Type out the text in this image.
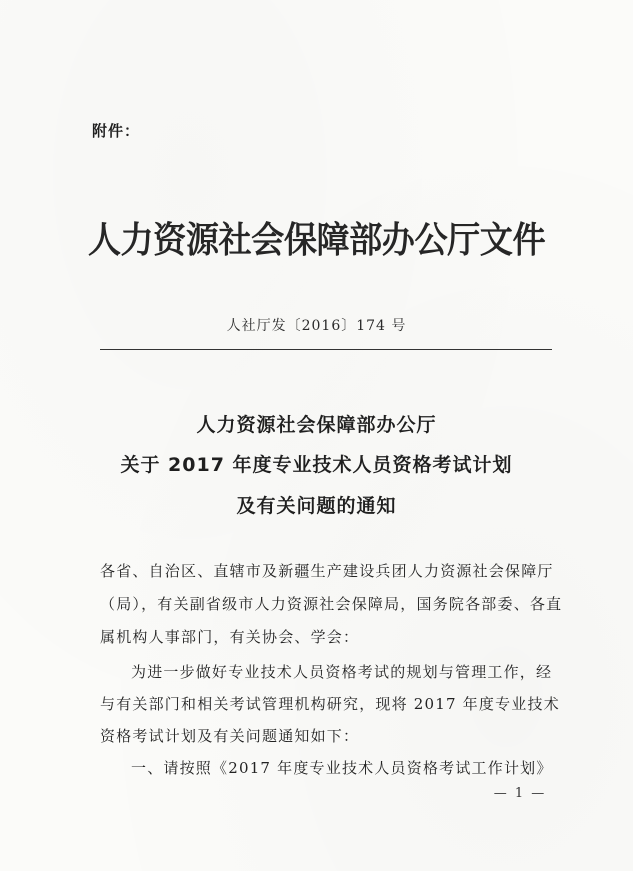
附件：
人力资源社会保障部办公厅文件
人社厅发〔2016〕174 号
人力资源社会保障部办公厅
关于 2017 年度专业技术人员资格考试计划
及有关问题的通知
各省、自治区、直辖市及新疆生产建设兵团人力资源社会保障厅
（局），有关副省级市人力资源社会保障局，国务院各部委、各直
属机构人事部门，有关协会、学会：
为进一步做好专业技术人员资格考试的规划与管理工作，经
与有关部门和相关考试管理机构研究，现将 2017 年度专业技术
资格考试计划及有关问题通知如下：
一、请按照《2017 年度专业技术人员资格考试工作计划》
— 1 —
